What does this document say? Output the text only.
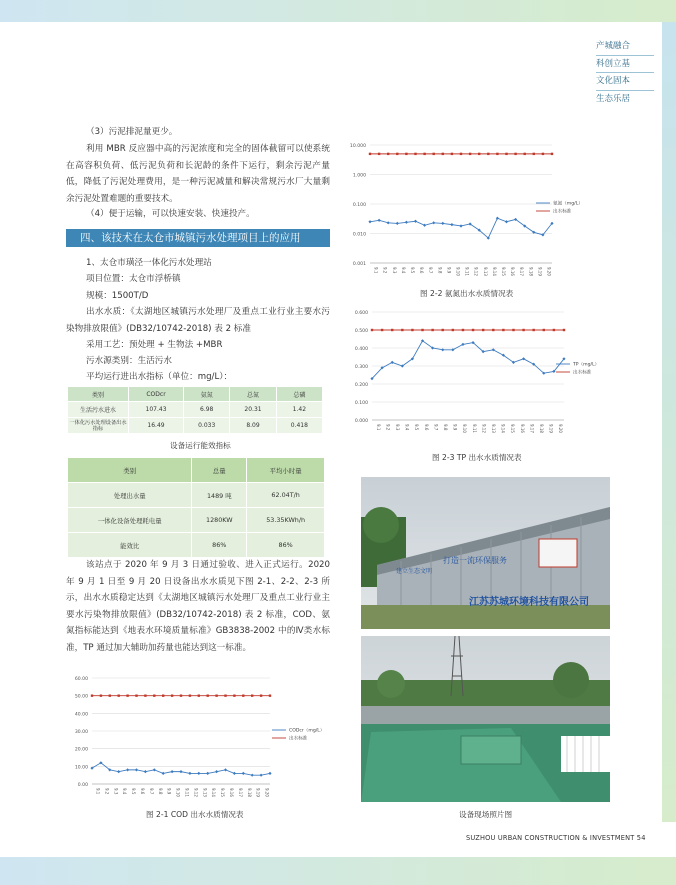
产城融合
科创立基
文化固本
生态乐居
（3）污泥排泥量更少。
利用 MBR 反应器中高的污泥浓度和完全的固体截留可以使系统在高容积负荷、低污泥负荷和长泥龄的条件下运行，剩余污泥产量低，降低了污泥处理费用，是一种污泥减量和解决常规污水厂大量剩余污泥处置难题的重要技术。
（4）便于运输，可以快速安装、快速投产。
四、该技术在太仓市城镇污水处理项目上的应用
1、太仓市璜泾一体化污水处理站
项目位置：太仓市浮桥镇
规模：1500T/D
出水水质：《太湖地区城镇污水处理厂及重点工业行业主要水污染物排放限值》(DB32/10742-2018) 表 2 标准
采用工艺：预处理 + 生物法 +MBR
污水源类别：生活污水
平均运行进出水指标（单位：mg/L）：
类别	CODcr	氨氮	总氮	总磷
生活污水进水	107.43	6.98	20.31	1.42
一体化污水处理设备出水指标	16.49	0.033	8.09	0.418
设备运行能效指标
类别	总量	平均小时量
处理出水量	1489 吨	62.04T/h
一体化设备处理耗电量	1280KW	53.35KWh/h
能效比	86%	86%
该站点于 2020 年 9 月 3 日通过验收、进入正式运行。2020 年 9 月 1 日至 9 月 20 日设备出水水质见下图 2-1、2-2、2-3 所示，出水水质稳定达到《太湖地区城镇污水处理厂及重点工业行业主要水污染物排放限值》(DB32/10742-2018) 表 2 标准，COD、氨氮指标能达到《地表水环境质量标准》GB3838-2002 中的Ⅳ类水标准，TP 通过加大辅助加药量也能达到这一标准。
10.000
1.000
0.100
0.010
0.001
9.1 9.2 9.3 9.4 9.5 9.6 9.7 9.8 9.9 9.10 9.11 9.12 9.13 9.14 9.15 9.16 9.17 9.18 9.19 9.20
氨氮（mg/L）
出水标准
图 2-2 氨氮出水水质情况表
0.600
0.500
0.400
0.300
0.200
0.100
0.000
9.1 9.2 9.3 9.4 9.5 9.6 9.7 9.8 9.9 9.10 9.11 9.12 9.13 9.14 9.15 9.16 9.17 9.18 9.19 9.20
TP（mg/L）
出水标准
图 2-3 TP 出水水质情况表
60.00
50.00
40.00
30.00
20.00
10.00
0.00
9.1 9.2 9.3 9.4 9.5 9.6 9.7 9.8 9.9 9.10 9.11 9.12 9.13 9.14 9.15 9.16 9.17 9.18 9.19 9.20
CODcr（mg/L）
出水标准
图 2-1 COD 出水水质情况表
建立生态文明
打造一流环保服务
江苏苏城环境科技有限公司
设备现场照片图
SUZHOU URBAN CONSTRUCTION & INVESTMENT 54
